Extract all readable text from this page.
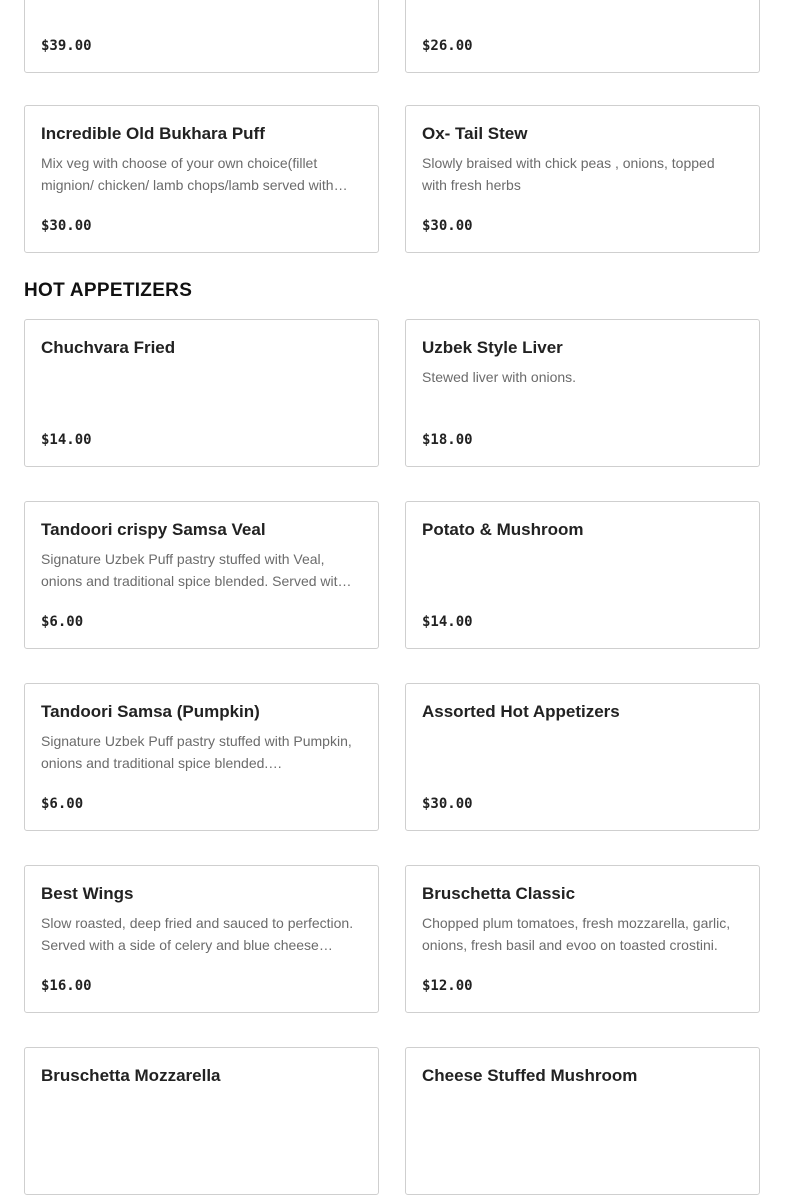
$39.00	$26.00
Incredible Old Bukhara Puff
Mix veg with choose of your own choice(fillet mignion/ chicken/ lamb chops/lamb served with…
$30.00
Ox- Tail Stew
Slowly braised with chick peas , onions, topped with fresh herbs
$30.00
HOT APPETIZERS
Chuchvara Fried
$14.00
Uzbek Style Liver
Stewed liver with onions.
$18.00
Tandoori crispy Samsa Veal
Signature Uzbek Puff pastry stuffed with Veal, onions and traditional spice blended. Served wit…
$6.00
Potato & Mushroom
$14.00
Tandoori Samsa (Pumpkin)
Signature Uzbek Puff pastry stuffed with Pumpkin, onions and traditional spice blended.…
$6.00
Assorted Hot Appetizers
$30.00
Best Wings
Slow roasted, deep fried and sauced to perfection. Served with a side of celery and blue cheese…
$16.00
Bruschetta Classic
Chopped plum tomatoes, fresh mozzarella, garlic, onions, fresh basil and evoo on toasted crostini.
$12.00
Bruschetta Mozzarella	Cheese Stuffed Mushroom
